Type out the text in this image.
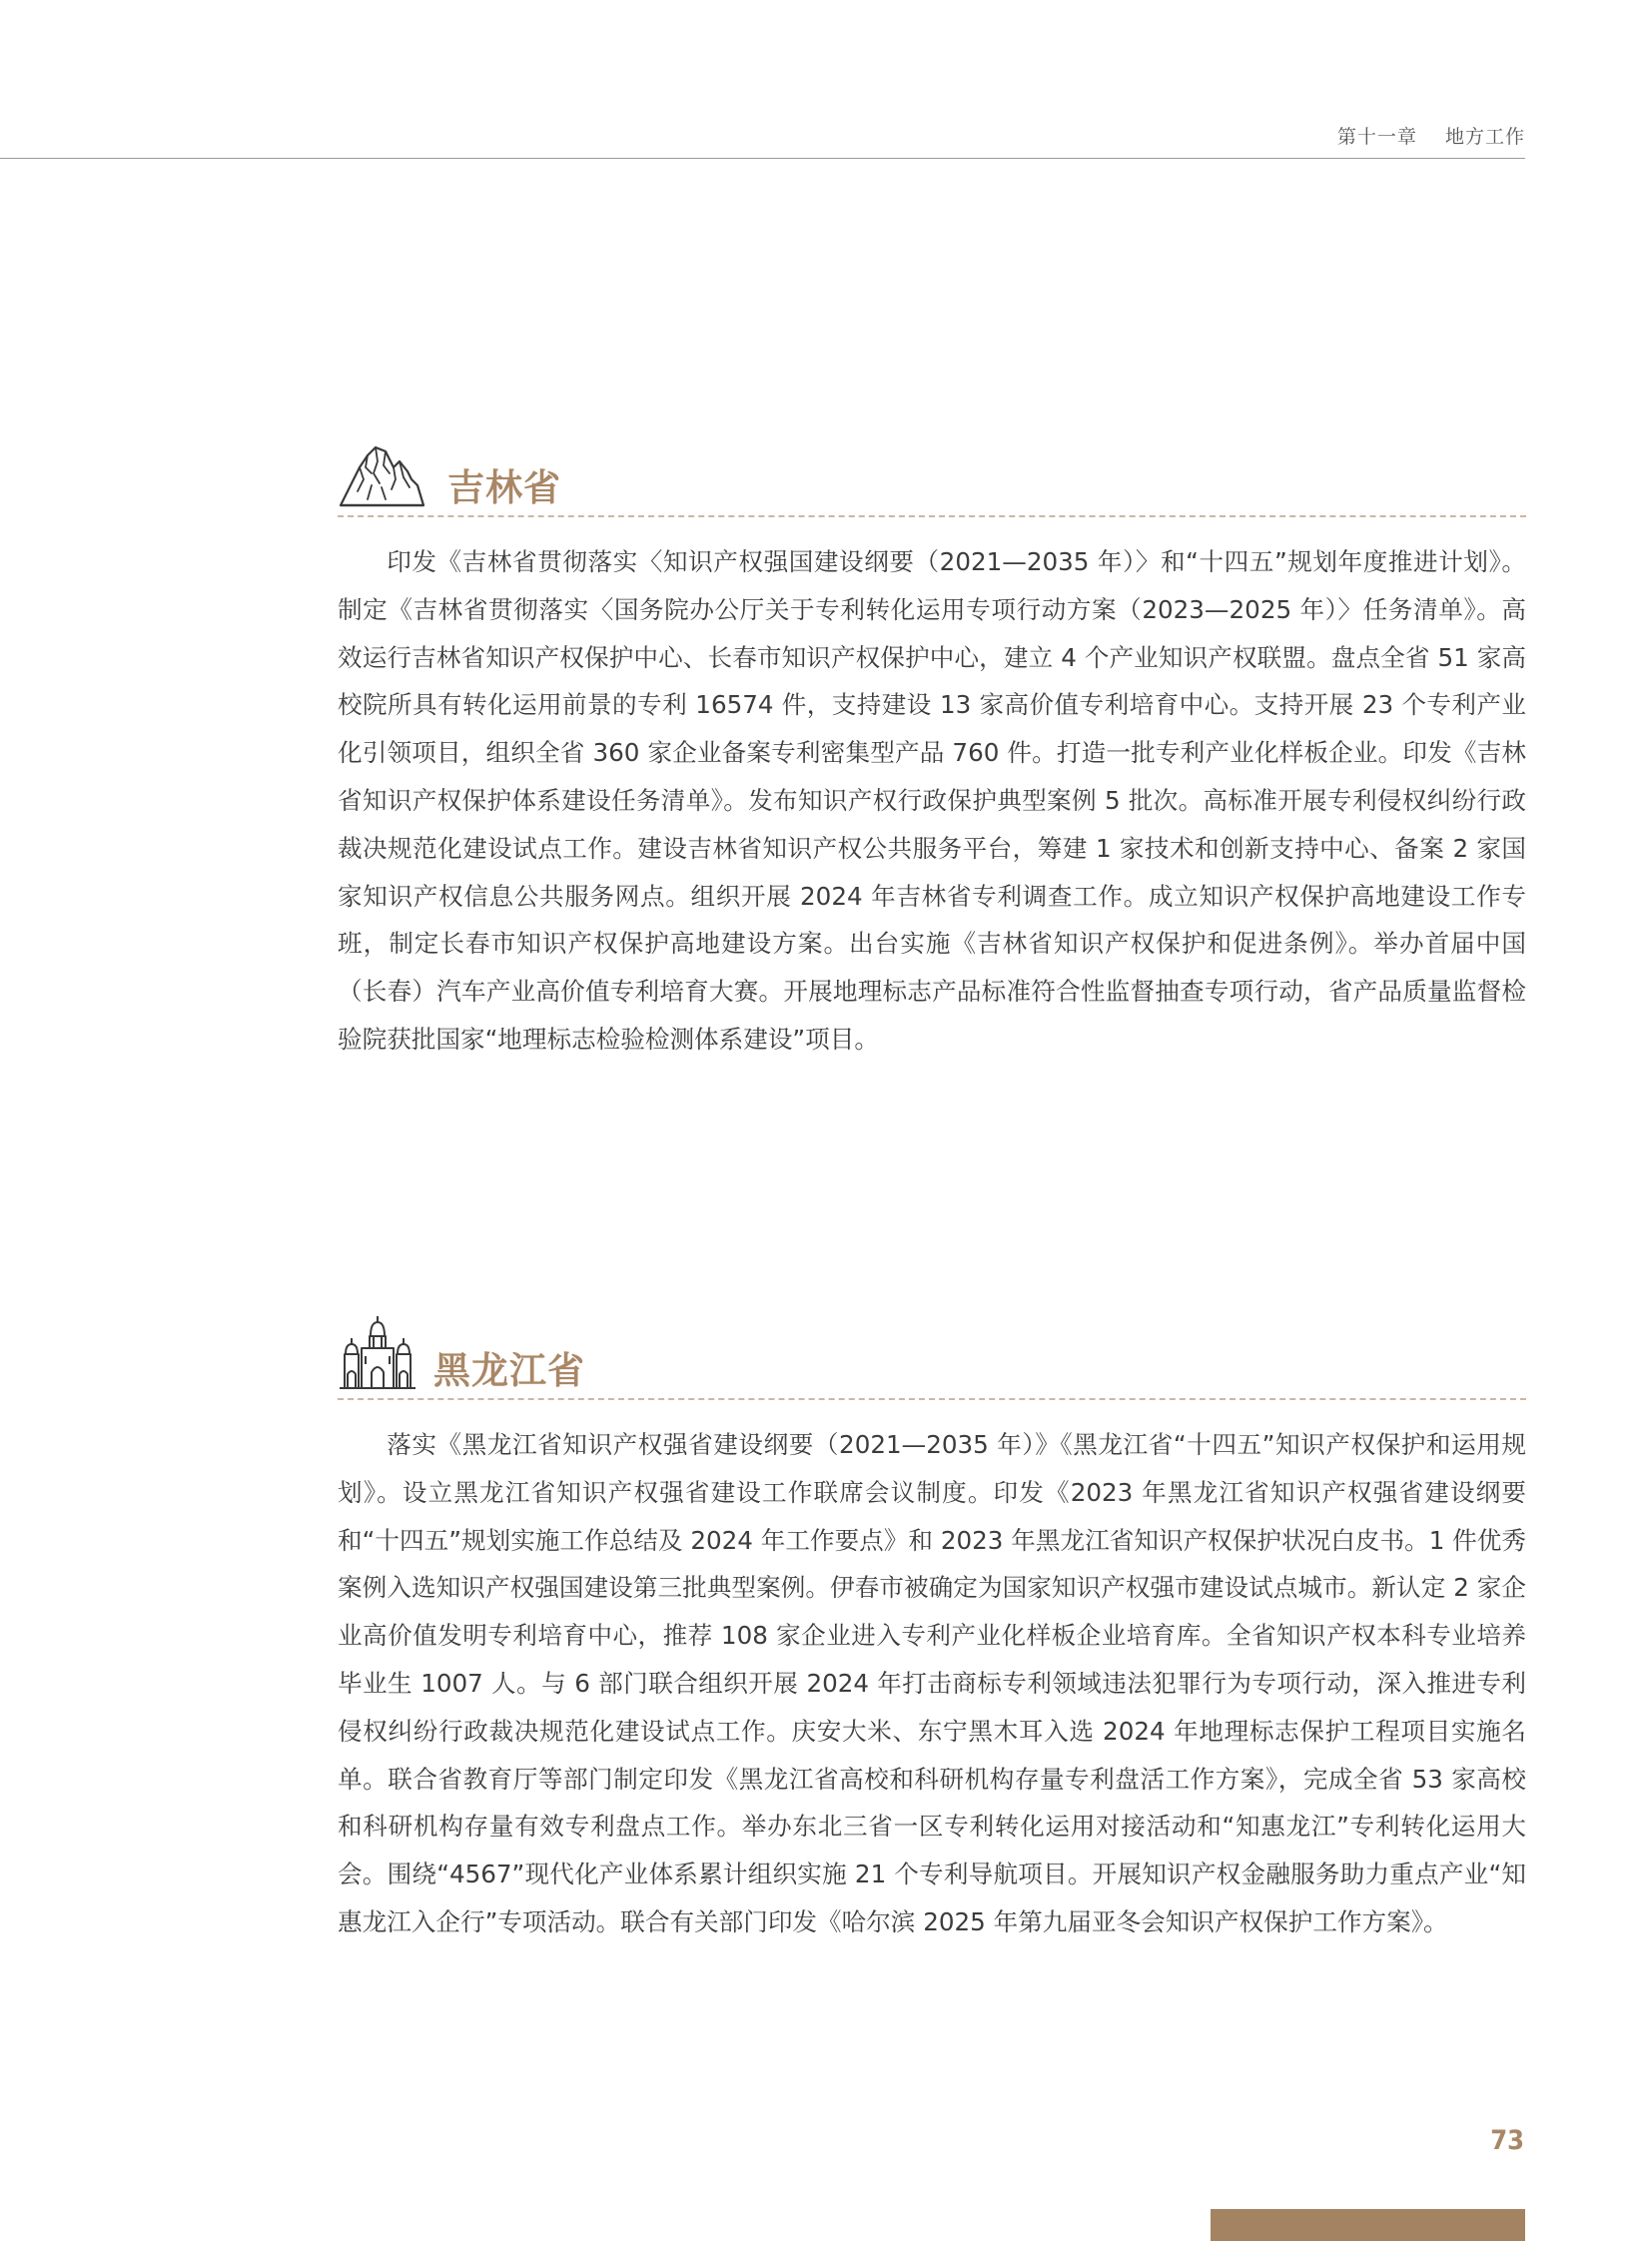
第十一章    地方工作
吉林省

印发《吉林省贯彻落实〈知识产权强国建设纲要（2021—2035 年）〉和“十四五”规划年度推进计划》。制定《吉林省贯彻落实〈国务院办公厅关于专利转化运用专项行动方案（2023—2025 年）〉任务清单》。高效运行吉林省知识产权保护中心、长春市知识产权保护中心，建立 4 个产业知识产权联盟。盘点全省 51 家高校院所具有转化运用前景的专利 16574 件，支持建设 13 家高价值专利培育中心。支持开展 23 个专利产业化引领项目，组织全省 360 家企业备案专利密集型产品 760 件。打造一批专利产业化样板企业。印发《吉林省知识产权保护体系建设任务清单》。发布知识产权行政保护典型案例 5 批次。高标准开展专利侵权纠纷行政裁决规范化建设试点工作。建设吉林省知识产权公共服务平台，筹建 1 家技术和创新支持中心、备案 2 家国家知识产权信息公共服务网点。组织开展 2024 年吉林省专利调查工作。成立知识产权保护高地建设工作专班，制定长春市知识产权保护高地建设方案。出台实施《吉林省知识产权保护和促进条例》。举办首届中国（长春）汽车产业高价值专利培育大赛。开展地理标志产品标准符合性监督抽查专项行动，省产品质量监督检验院获批国家“地理标志检验检测体系建设”项目。

黑龙江省

落实《黑龙江省知识产权强省建设纲要（2021—2035 年）》《黑龙江省“十四五”知识产权保护和运用规划》。设立黑龙江省知识产权强省建设工作联席会议制度。印发《2023 年黑龙江省知识产权强省建设纲要和“十四五”规划实施工作总结及 2024 年工作要点》和 2023 年黑龙江省知识产权保护状况白皮书。1 件优秀案例入选知识产权强国建设第三批典型案例。伊春市被确定为国家知识产权强市建设试点城市。新认定 2 家企业高价值发明专利培育中心，推荐 108 家企业进入专利产业化样板企业培育库。全省知识产权本科专业培养毕业生 1007 人。与 6 部门联合组织开展 2024 年打击商标专利领域违法犯罪行为专项行动，深入推进专利侵权纠纷行政裁决规范化建设试点工作。庆安大米、东宁黑木耳入选 2024 年地理标志保护工程项目实施名单。联合省教育厅等部门制定印发《黑龙江省高校和科研机构存量专利盘活工作方案》，完成全省 53 家高校和科研机构存量有效专利盘点工作。举办东北三省一区专利转化运用对接活动和“知惠龙江”专利转化运用大会。围绕“4567”现代化产业体系累计组织实施 21 个专利导航项目。开展知识产权金融服务助力重点产业“知惠龙江入企行”专项活动。联合有关部门印发《哈尔滨 2025 年第九届亚冬会知识产权保护工作方案》。

73
